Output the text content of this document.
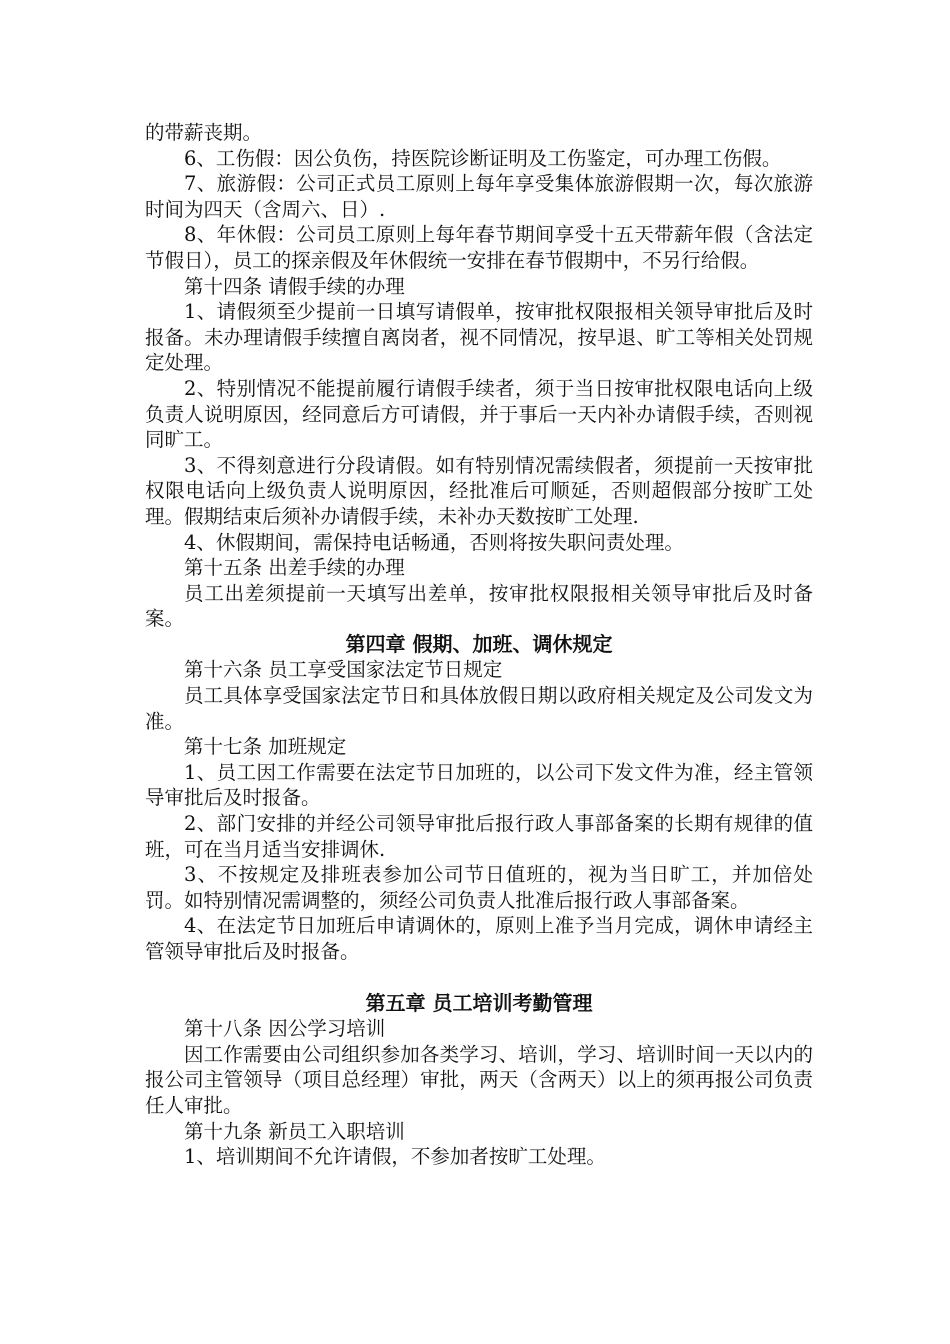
的带薪丧期。

6、工伤假：因公负伤，持医院诊断证明及工伤鉴定，可办理工伤假。

7、旅游假：公司正式员工原则上每年享受集体旅游假期一次，每次旅游时间为四天（含周六、日）.

8、年休假：公司员工原则上每年春节期间享受十五天带薪年假（含法定节假日），员工的探亲假及年休假统一安排在春节假期中，不另行给假。

第十四条 请假手续的办理

1、请假须至少提前一日填写请假单，按审批权限报相关领导审批后及时报备。未办理请假手续擅自离岗者，视不同情况，按早退、旷工等相关处罚规定处理。

2、特别情况不能提前履行请假手续者，须于当日按审批权限电话向上级负责人说明原因，经同意后方可请假，并于事后一天内补办请假手续，否则视同旷工。

3、不得刻意进行分段请假。如有特别情况需续假者，须提前一天按审批权限电话向上级负责人说明原因，经批准后可顺延，否则超假部分按旷工处理。假期结束后须补办请假手续，未补办天数按旷工处理.

4、休假期间，需保持电话畅通，否则将按失职问责处理。

第十五条 出差手续的办理

员工出差须提前一天填写出差单，按审批权限报相关领导审批后及时备案。

第四章 假期、加班、调休规定

第十六条 员工享受国家法定节日规定

员工具体享受国家法定节日和具体放假日期以政府相关规定及公司发文为准。

第十七条 加班规定

1、员工因工作需要在法定节日加班的，以公司下发文件为准，经主管领导审批后及时报备。

2、部门安排的并经公司领导审批后报行政人事部备案的长期有规律的值班，可在当月适当安排调休.

3、不按规定及排班表参加公司节日值班的，视为当日旷工，并加倍处罚。如特别情况需调整的，须经公司负责人批准后报行政人事部备案。

4、在法定节日加班后申请调休的，原则上准予当月完成，调休申请经主管领导审批后及时报备。

第五章 员工培训考勤管理

第十八条 因公学习培训

因工作需要由公司组织参加各类学习、培训，学习、培训时间一天以内的报公司主管领导（项目总经理）审批，两天（含两天）以上的须再报公司负责任人审批。

第十九条 新员工入职培训

1、培训期间不允许请假，不参加者按旷工处理。
